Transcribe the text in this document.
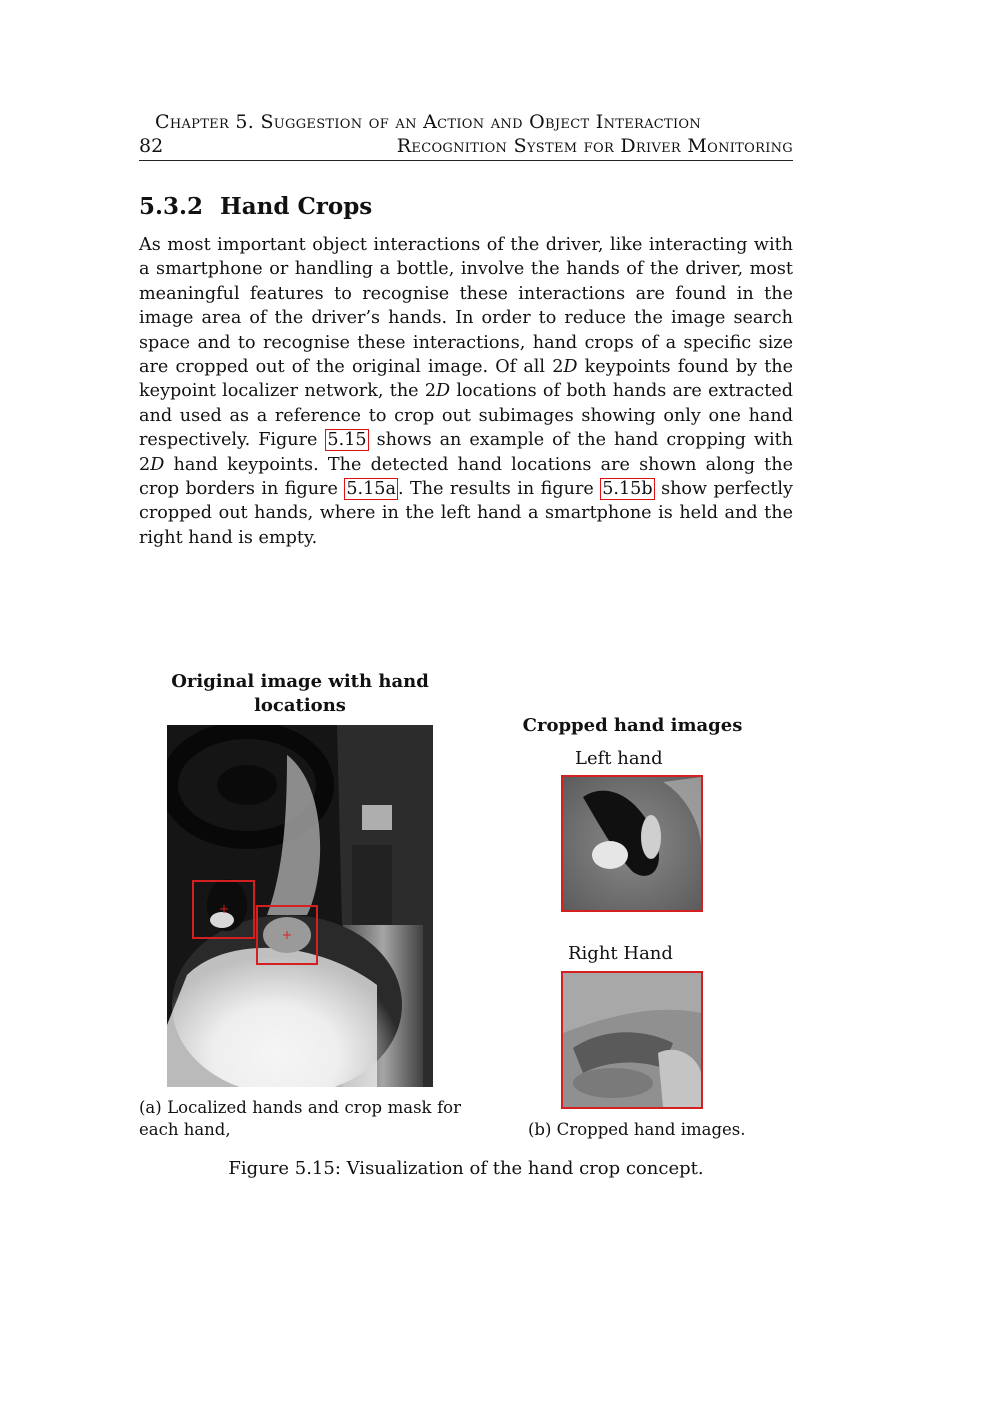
Chapter 5. Suggestion of an Action and Object Interaction
82	Recognition System for Driver Monitoring
5.3.2 Hand Crops
As most important object interactions of the driver, like interacting with a smartphone or handling a bottle, involve the hands of the driver, most meaningful features to recognise these interactions are found in the image area of the driver’s hands. In order to reduce the image search space and to recognise these interactions, hand crops of a specific size are cropped out of the original image. Of all 2D keypoints found by the keypoint localizer network, the 2D locations of both hands are extracted and used as a reference to crop out subimages showing only one hand respectively. Figure 5.15 shows an example of the hand cropping with 2D hand keypoints. The detected hand locations are shown along the crop borders in figure 5.15a . The results in figure 5.15b show perfectly cropped out hands, where in the left hand a smartphone is held and the right hand is empty.
Original image with hand locations
(a) Localized hands and crop mask for each hand,
Cropped hand images
Left hand
Right Hand
(b) Cropped hand images.
Figure 5.15: Visualization of the hand crop concept.
